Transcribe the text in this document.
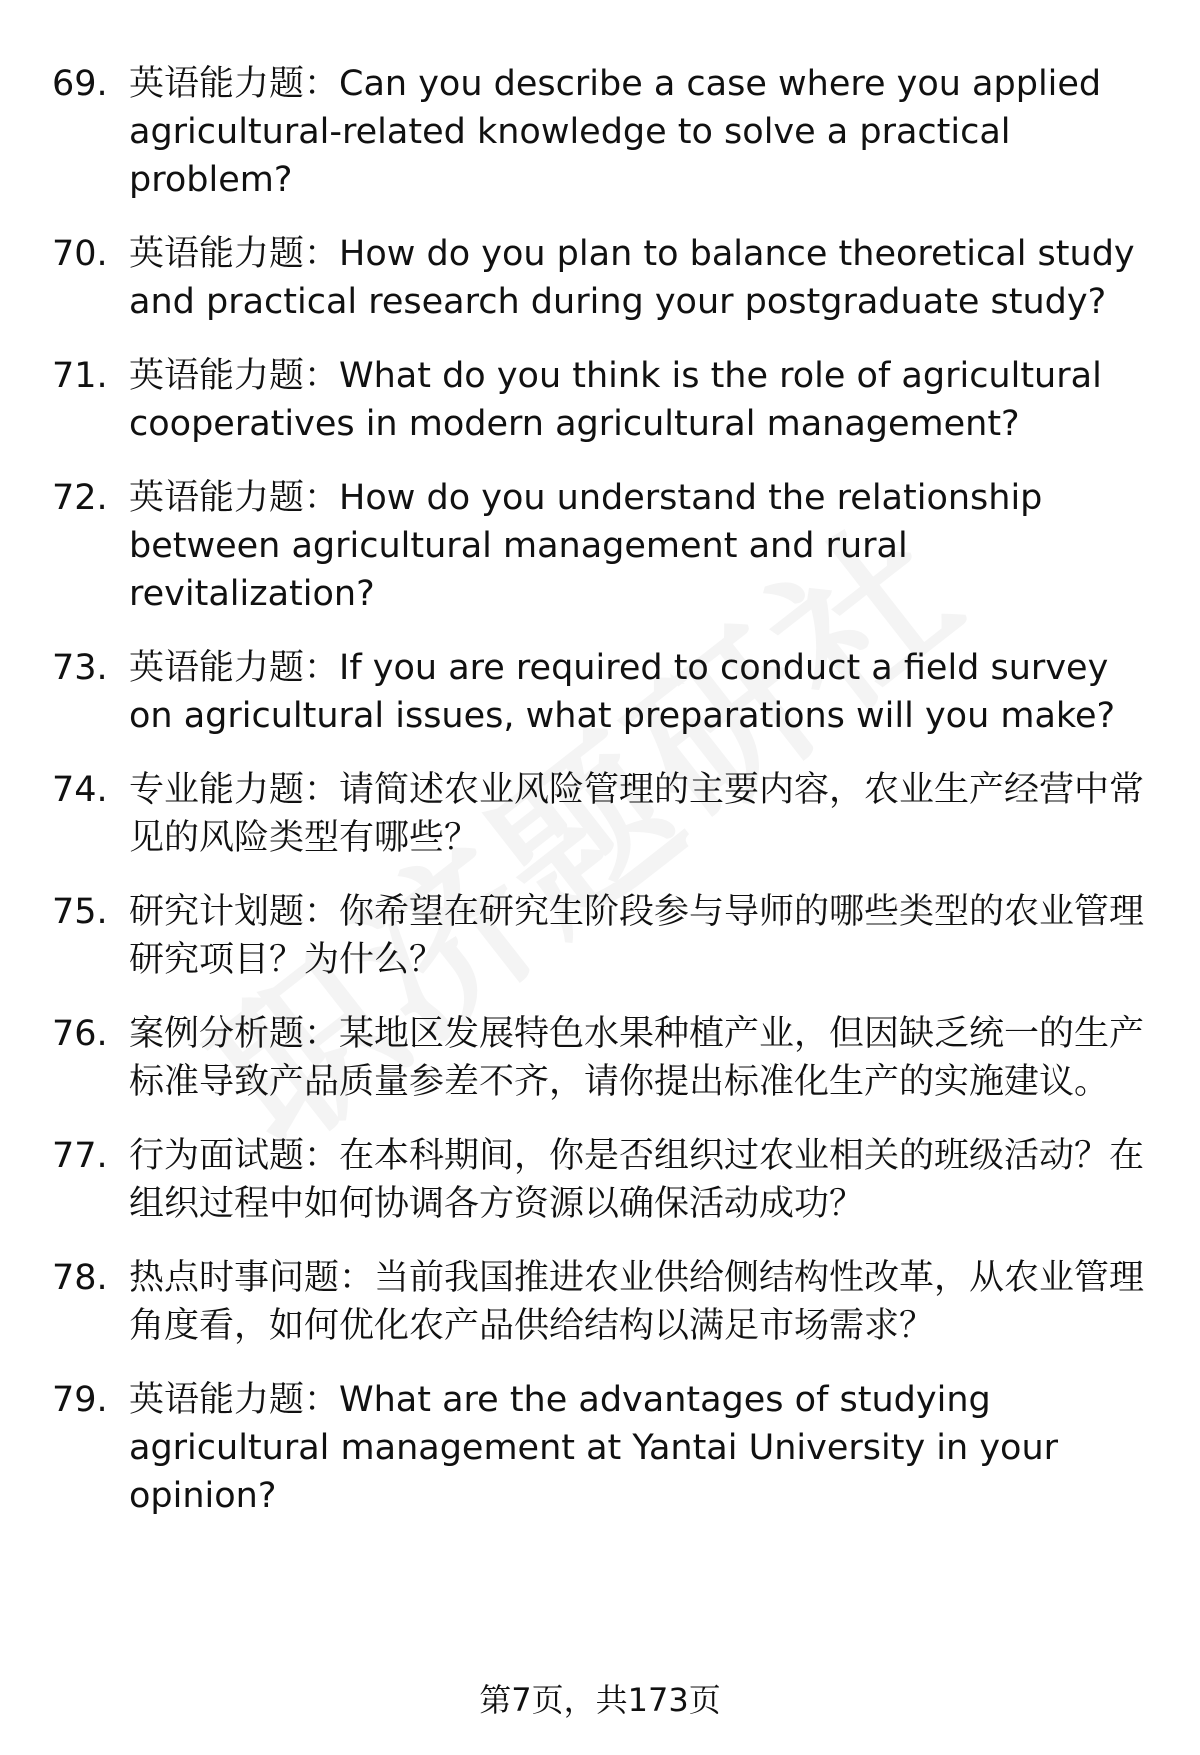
69. 英语能力题：Can you describe a case where you applied agricultural-related knowledge to solve a practical problem?
70. 英语能力题：How do you plan to balance theoretical study and practical research during your postgraduate study?
71. 英语能力题：What do you think is the role of agricultural cooperatives in modern agricultural management?
72. 英语能力题：How do you understand the relationship between agricultural management and rural revitalization?
73. 英语能力题：If you are required to conduct a field survey on agricultural issues, what preparations will you make?
74. 专业能力题：请简述农业风险管理的主要内容，农业生产经营中常见的风险类型有哪些？
75. 研究计划题：你希望在研究生阶段参与导师的哪些类型的农业管理研究项目？为什么？
76. 案例分析题：某地区发展特色水果种植产业，但因缺乏统一的生产标准导致产品质量参差不齐，请你提出标准化生产的实施建议。
77. 行为面试题：在本科期间，你是否组织过农业相关的班级活动？在组织过程中如何协调各方资源以确保活动成功？
78. 热点时事问题：当前我国推进农业供给侧结构性改革，从农业管理角度看，如何优化农产品供给结构以满足市场需求？
79. 英语能力题：What are the advantages of studying agricultural management at Yantai University in your opinion?
第7页，共173页
